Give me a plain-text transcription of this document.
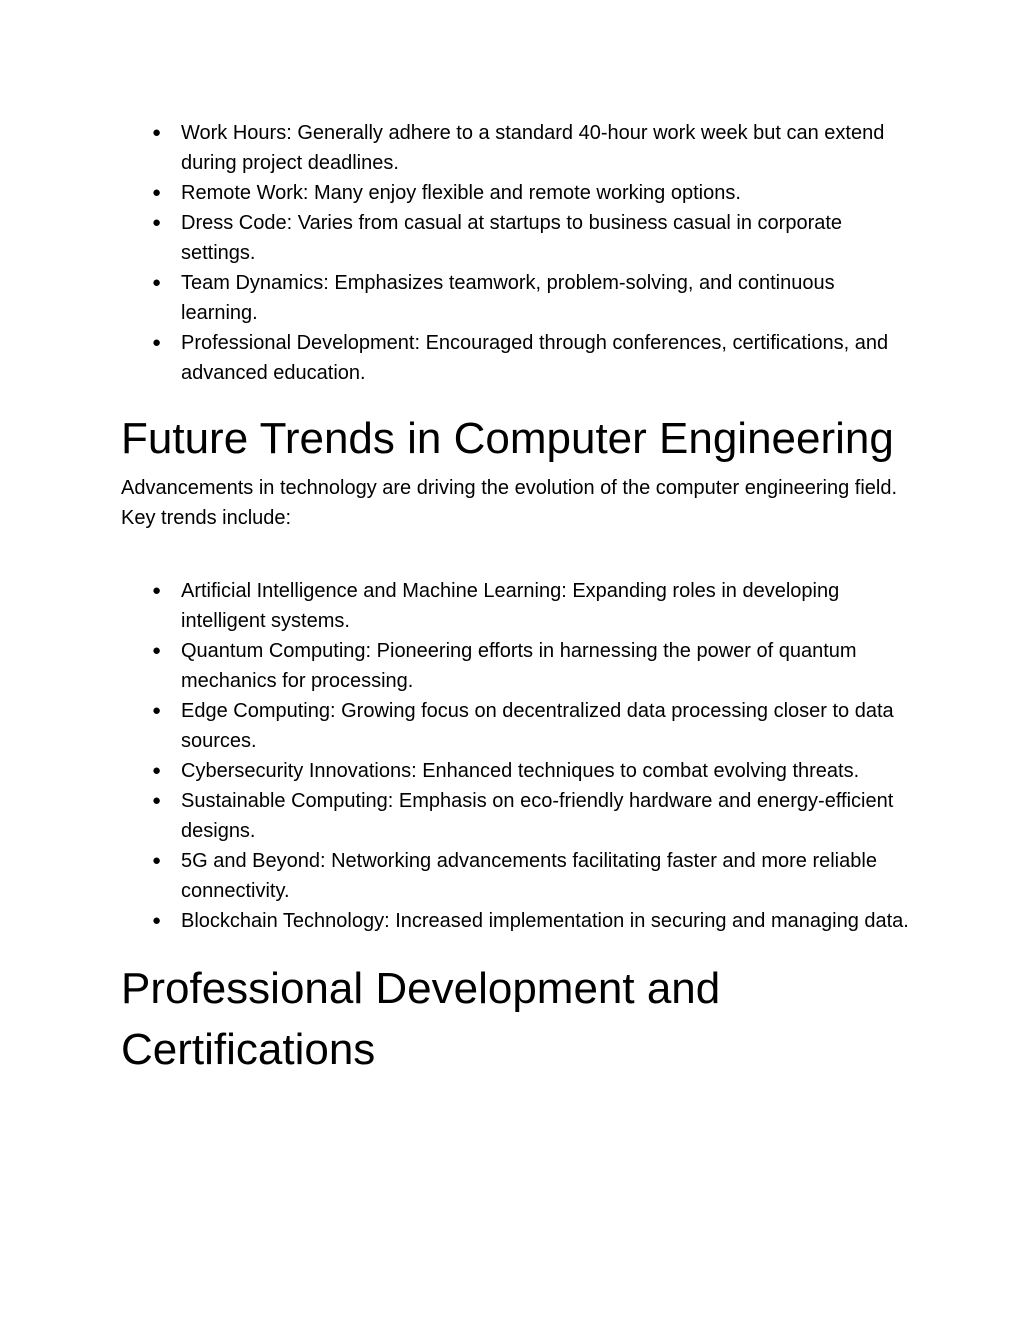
● Work Hours: Generally adhere to a standard 40-hour work week but can extend during project deadlines.
● Remote Work: Many enjoy flexible and remote working options.
● Dress Code: Varies from casual at startups to business casual in corporate settings.
● Team Dynamics: Emphasizes teamwork, problem-solving, and continuous learning.
● Professional Development: Encouraged through conferences, certifications, and advanced education.
Future Trends in Computer Engineering

Advancements in technology are driving the evolution of the computer engineering field. Key trends include:

● Artificial Intelligence and Machine Learning: Expanding roles in developing intelligent systems.
● Quantum Computing: Pioneering efforts in harnessing the power of quantum mechanics for processing.
● Edge Computing: Growing focus on decentralized data processing closer to data sources.
● Cybersecurity Innovations: Enhanced techniques to combat evolving threats.
● Sustainable Computing: Emphasis on eco-friendly hardware and energy-efficient designs.
● 5G and Beyond: Networking advancements facilitating faster and more reliable connectivity.
● Blockchain Technology: Increased implementation in securing and managing data.
Professional Development and Certifications
